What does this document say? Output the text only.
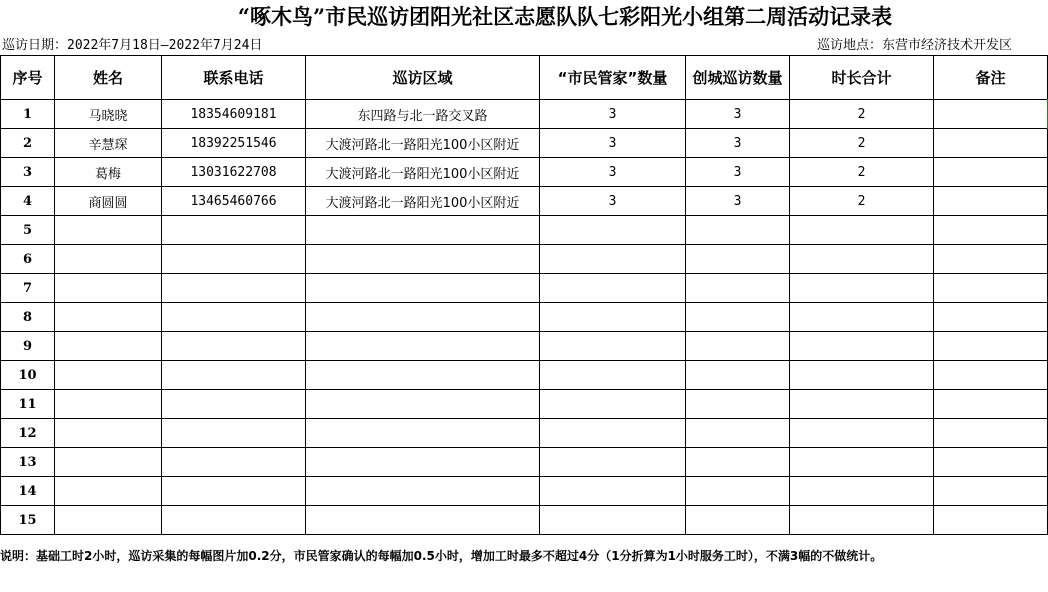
“啄木鸟”市民巡访团阳光社区志愿队队七彩阳光小组第二周活动记录表
巡访日期：2022年7月18日—2022年7月24日	巡访地点：东营市经济技术开发区
序号	姓名	联系电话	巡访区域	“市民管家”数量	创城巡访数量	时长合计	备注
1	马晓晓	18354609181	东四路与北一路交叉路	3	3	2	
2	辛慧琛	18392251546	大渡河路北一路阳光100小区附近	3	3	2	
3	葛梅	13031622708	大渡河路北一路阳光100小区附近	3	3	2	
4	商圆圆	13465460766	大渡河路北一路阳光100小区附近	3	3	2	
5							
6							
7							
8							
9							
10							
11							
12							
13							
14							
15							
说明：基础工时2小时，巡访采集的每幅图片加0.2分，市民管家确认的每幅加0.5小时，增加工时最多不超过4分（1分折算为1小时服务工时），不满3幅的不做统计。
